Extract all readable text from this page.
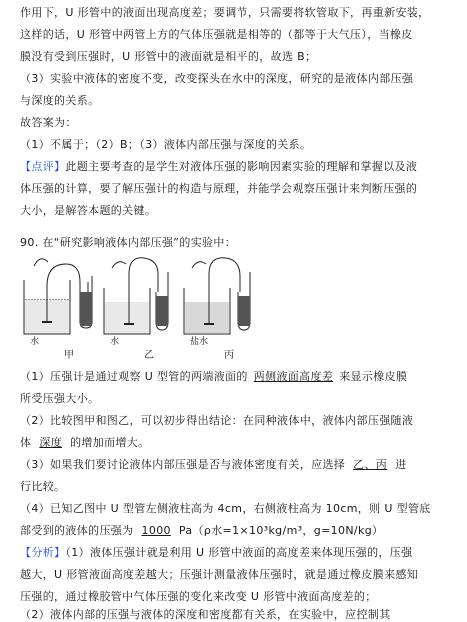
作用下，U 形管中的液面出现高度差；要调节，只需要将软管取下，再重新安装，
这样的话，U 形管中两管上方的气体压强就是相等的（都等于大气压），当橡皮
膜没有受到压强时，U 形管中的液面就是相平的，故选 B；
（3）实验中液体的密度不变，改变探头在水中的深度，研究的是液体内部压强
与深度的关系。
故答案为：
（1）不属于；（2）B；（3）液体内部压强与深度的关系。
【点评】此题主要考查的是学生对液体压强的影响因素实验的理解和掌握以及液
体压强的计算，要了解压强计的构造与原理，并能学会观察压强计来判断压强的
大小，是解答本题的关键。
90. 在“研究影响液体内部压强”的实验中：
水	水	盐水
甲	乙	丙
（1）压强计是通过观察 U 型管的两端液面的 两侧液面高度差 来显示橡皮膜
所受压强大小。
（2）比较图甲和图乙，可以初步得出结论：在同种液体中，液体内部压强随液
体 深度 的增加而增大。
（3）如果我们要讨论液体内部压强是否与液体密度有关，应选择 乙、丙 进
行比较。
（4）已知乙图中 U 型管左侧液柱高为 4cm，右侧液柱高为 10cm，则 U 型管底
部受到的液体的压强为 1000 Pa（ρ水=1×10³kg/m³，g=10N/kg）
【分析】（1）液体压强计就是利用 U 形管中液面的高度差来体现压强的，压强
越大，U 形管液面高度差越大；压强计测量液体压强时，就是通过橡皮膜来感知
压强的，通过橡胶管中气体压强的变化来改变 U 形管中液面高度差的；
（2）液体内部的压强与液体的深度和密度都有关系，在实验中，应控制其
